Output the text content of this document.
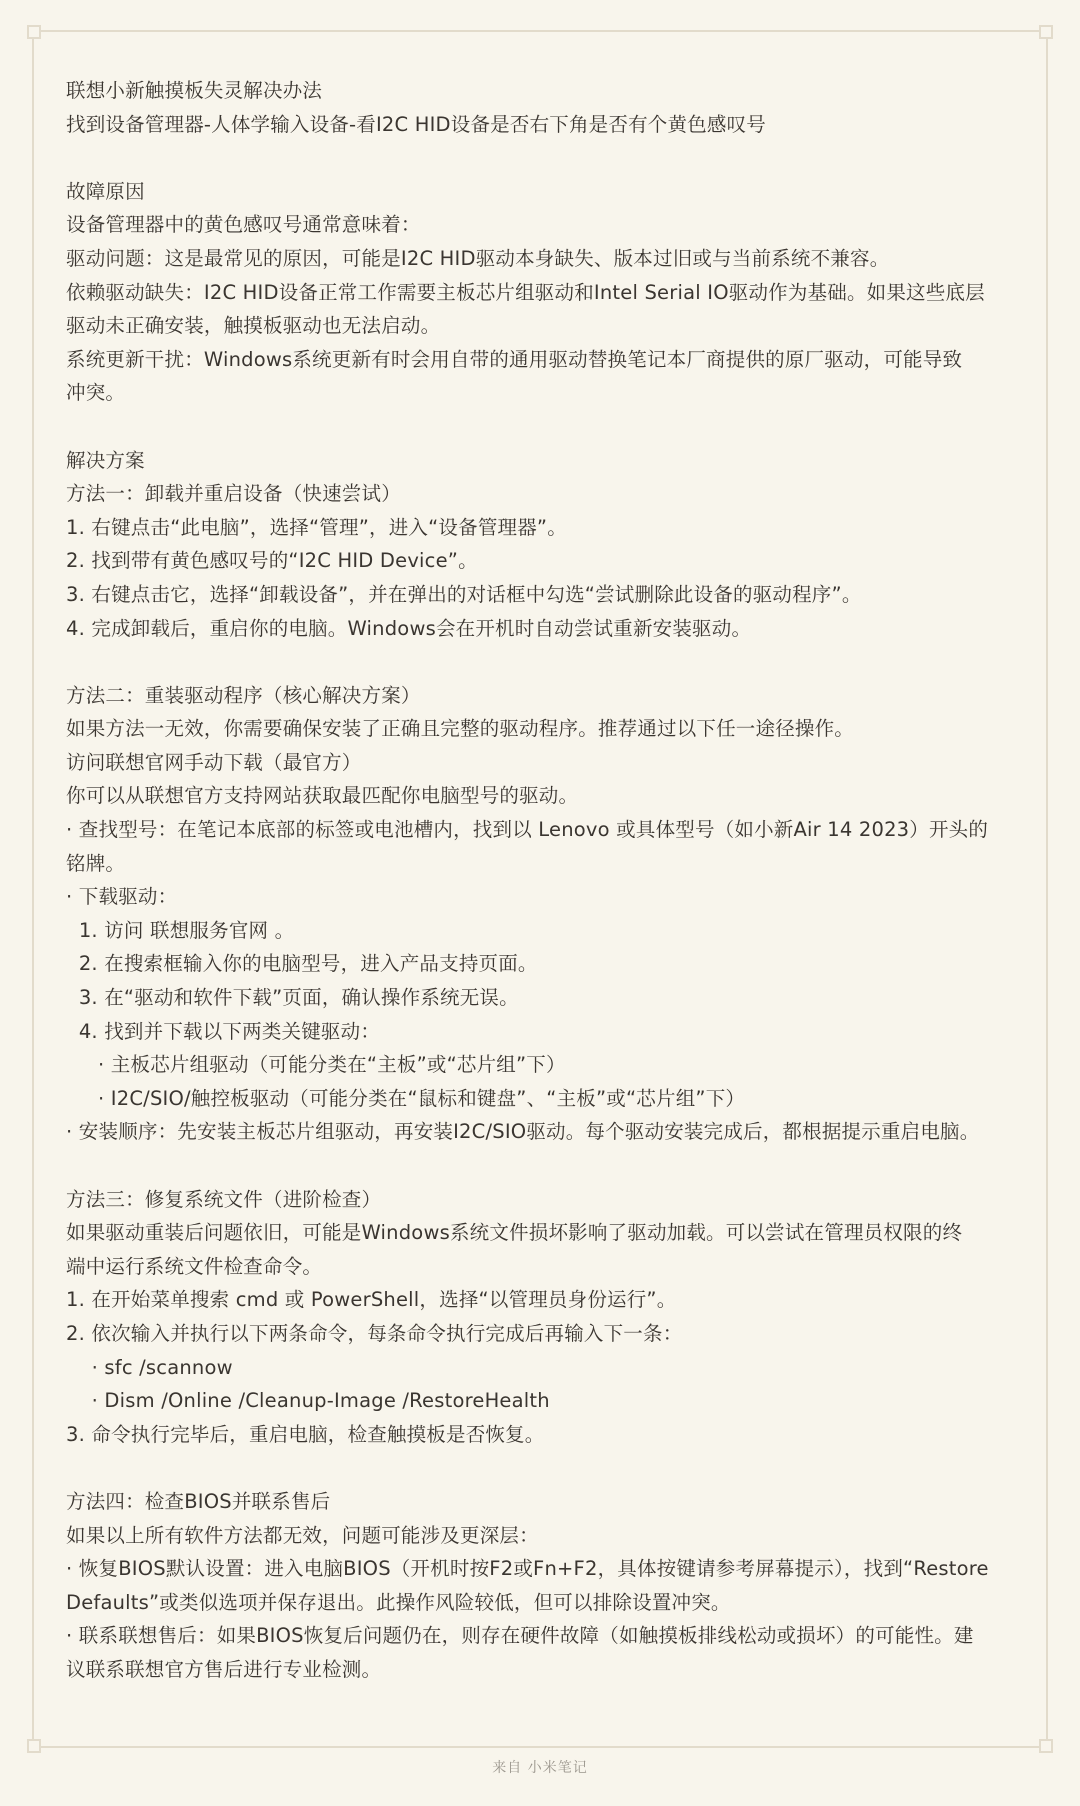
联想小新触摸板失灵解决办法
找到设备管理器-人体学输入设备-看I2C HID设备是否右下角是否有个黄色感叹号
故障原因
设备管理器中的黄色感叹号通常意味着：
驱动问题：这是最常见的原因，可能是I2C HID驱动本身缺失、版本过旧或与当前系统不兼容。
依赖驱动缺失：I2C HID设备正常工作需要主板芯片组驱动和Intel Serial IO驱动作为基础。如果这些底层
驱动未正确安装，触摸板驱动也无法启动。
系统更新干扰：Windows系统更新有时会用自带的通用驱动替换笔记本厂商提供的原厂驱动，可能导致
冲突。
解决方案
方法一：卸载并重启设备（快速尝试）
1. 右键点击“此电脑”，选择“管理”，进入“设备管理器”。
2. 找到带有黄色感叹号的“I2C HID Device”。
3. 右键点击它，选择“卸载设备”，并在弹出的对话框中勾选“尝试删除此设备的驱动程序”。
4. 完成卸载后，重启你的电脑。Windows会在开机时自动尝试重新安装驱动。
方法二：重装驱动程序（核心解决方案）
如果方法一无效，你需要确保安装了正确且完整的驱动程序。推荐通过以下任一途径操作。
访问联想官网手动下载（最官方）
你可以从联想官方支持网站获取最匹配你电脑型号的驱动。
· 查找型号：在笔记本底部的标签或电池槽内，找到以 Lenovo 或具体型号（如小新Air 14 2023）开头的
铭牌。
· 下载驱动：
1. 访问 联想服务官网 。
2. 在搜索框输入你的电脑型号，进入产品支持页面。
3. 在“驱动和软件下载”页面，确认操作系统无误。
4. 找到并下载以下两类关键驱动：
· 主板芯片组驱动（可能分类在“主板”或“芯片组”下）
· I2C/SIO/触控板驱动（可能分类在“鼠标和键盘”、“主板”或“芯片组”下）
· 安装顺序：先安装主板芯片组驱动，再安装I2C/SIO驱动。每个驱动安装完成后，都根据提示重启电脑。
方法三：修复系统文件（进阶检查）
如果驱动重装后问题依旧，可能是Windows系统文件损坏影响了驱动加载。可以尝试在管理员权限的终
端中运行系统文件检查命令。
1. 在开始菜单搜索 cmd 或 PowerShell，选择“以管理员身份运行”。
2. 依次输入并执行以下两条命令，每条命令执行完成后再输入下一条：
· sfc /scannow
· Dism /Online /Cleanup-Image /RestoreHealth
3. 命令执行完毕后，重启电脑，检查触摸板是否恢复。
方法四：检查BIOS并联系售后
如果以上所有软件方法都无效，问题可能涉及更深层：
· 恢复BIOS默认设置：进入电脑BIOS（开机时按F2或Fn+F2，具体按键请参考屏幕提示），找到“Restore
Defaults”或类似选项并保存退出。此操作风险较低，但可以排除设置冲突。
· 联系联想售后：如果BIOS恢复后问题仍在，则存在硬件故障（如触摸板排线松动或损坏）的可能性。建
议联系联想官方售后进行专业检测。
来自 小米笔记
